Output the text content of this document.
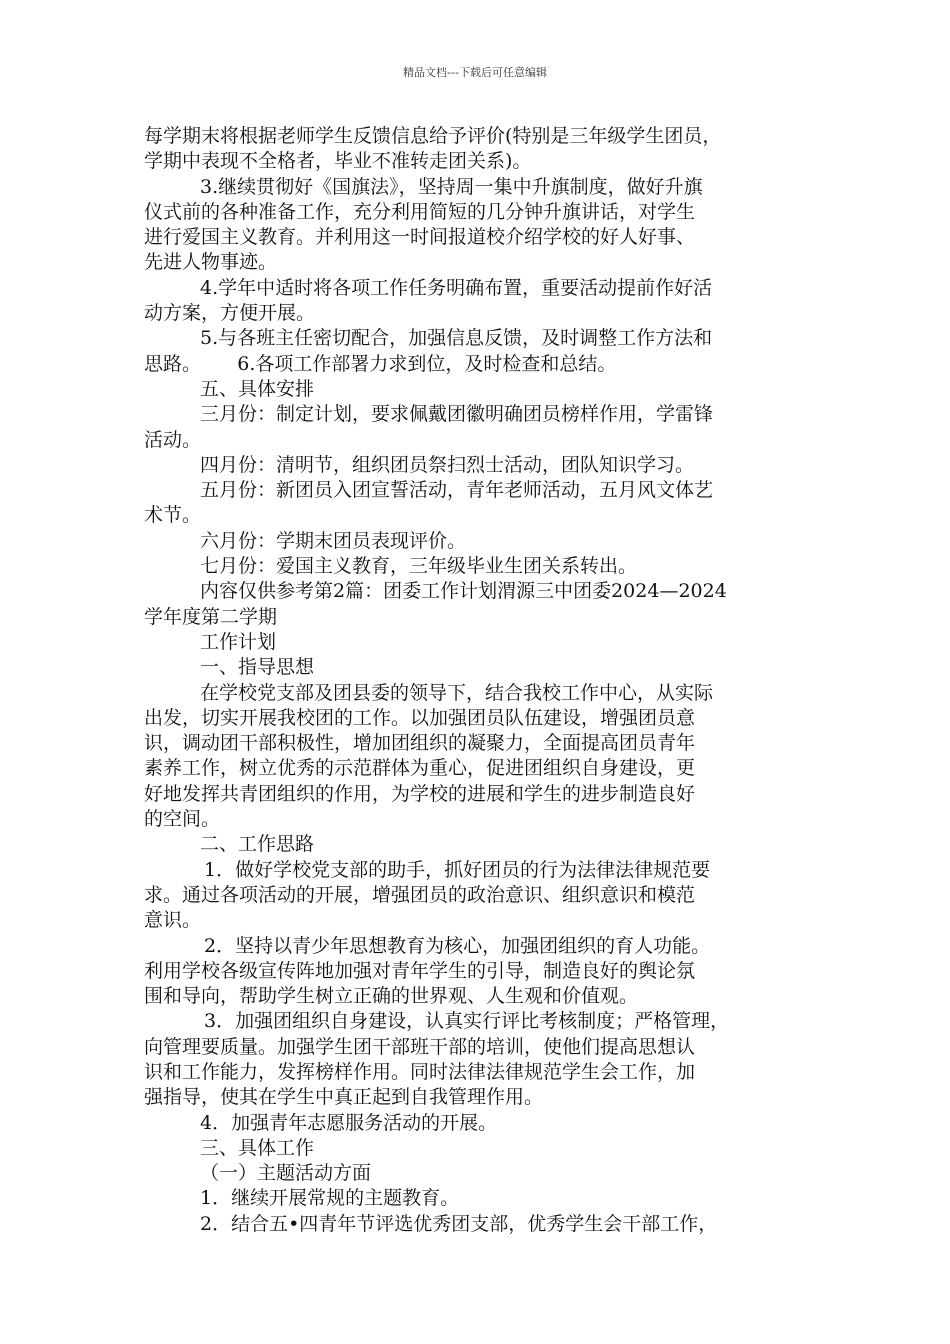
精品文档---下载后可任意编辑
每学期末将根据老师学生反馈信息给予评价(特别是三年级学生团员，
学期中表现不全格者，毕业不准转走团关系)。
3.继续贯彻好《国旗法》，坚持周一集中升旗制度，做好升旗
仪式前的各种准备工作，充分利用简短的几分钟升旗讲话，对学生
进行爱国主义教育。并利用这一时间报道校介绍学校的好人好事、
先进人物事迹。
4.学年中适时将各项工作任务明确布置，重要活动提前作好活
动方案，方便开展。
5.与各班主任密切配合，加强信息反馈，及时调整工作方法和
思路。      6.各项工作部署力求到位，及时检查和总结。
五、具体安排
三月份：制定计划，要求佩戴团徽明确团员榜样作用，学雷锋
活动。
四月份：清明节，组织团员祭扫烈士活动，团队知识学习。
五月份：新团员入团宣誓活动，青年老师活动，五月风文体艺
术节。
六月份：学期末团员表现评价。
七月份：爱国主义教育，三年级毕业生团关系转出。
内容仅供参考第2篇：团委工作计划渭源三中团委2024—2024
学年度第二学期
工作计划
一、指导思想
在学校党支部及团县委的领导下，结合我校工作中心，从实际
出发，切实开展我校团的工作。以加强团员队伍建设，增强团员意
识，调动团干部积极性，增加团组织的凝聚力，全面提高团员青年
素养工作，树立优秀的示范群体为重心，促进团组织自身建设，更
好地发挥共青团组织的作用，为学校的进展和学生的进步制造良好
的空间。
二、工作思路
1．做好学校党支部的助手，抓好团员的行为法律法律规范要
求。通过各项活动的开展，增强团员的政治意识、组织意识和模范
意识。
2．坚持以青少年思想教育为核心，加强团组织的育人功能。
利用学校各级宣传阵地加强对青年学生的引导，制造良好的舆论氛
围和导向，帮助学生树立正确的世界观、人生观和价值观。
3．加强团组织自身建设，认真实行评比考核制度；严格管理，
向管理要质量。加强学生团干部班干部的培训，使他们提高思想认
识和工作能力，发挥榜样作用。同时法律法律规范学生会工作，加
强指导，使其在学生中真正起到自我管理作用。
4．加强青年志愿服务活动的开展。
三、具体工作
（一）主题活动方面
1．继续开展常规的主题教育。
2．结合五•四青年节评选优秀团支部，优秀学生会干部工作，
